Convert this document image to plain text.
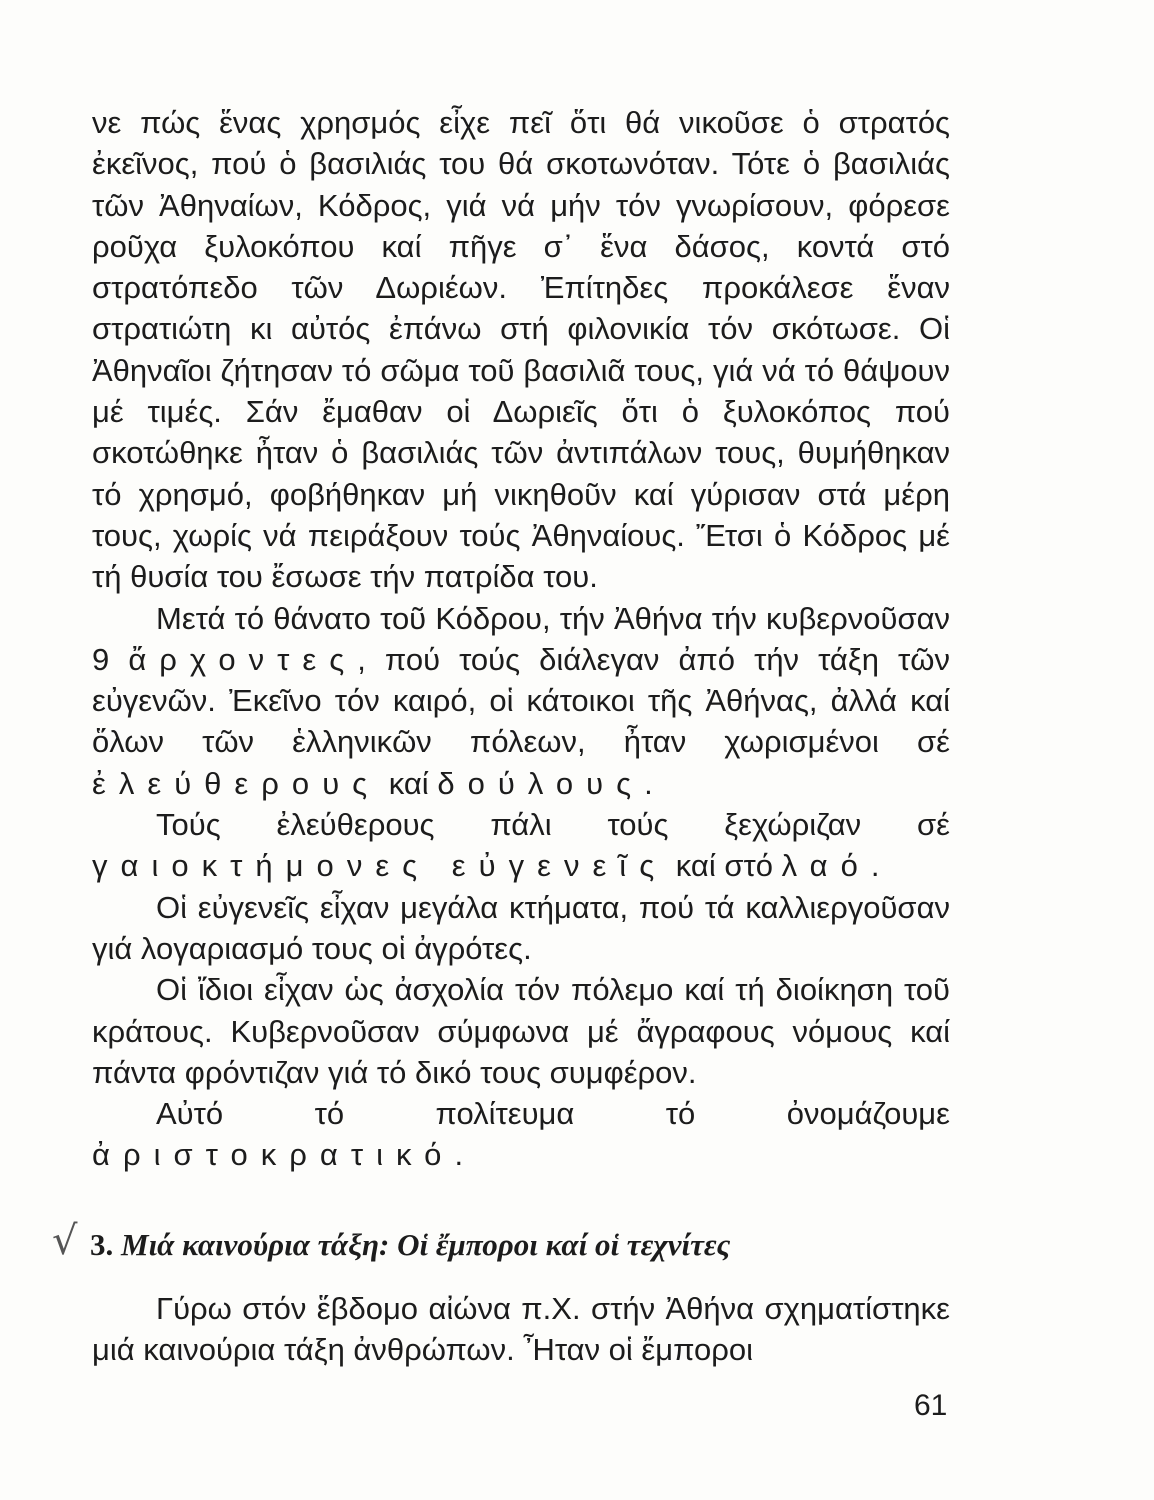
νε πώς ἕνας χρησμός εἶχε πεῖ ὅτι θά νικοῦσε ὁ στρατός ἐκεῖνος, πού ὁ βασιλιάς του θά σκοτωνόταν. Τότε ὁ βασιλιάς τῶν Ἀθηναίων, Κόδρος, γιά νά μήν τόν γνωρίσουν, φόρεσε ροῦχα ξυλοκόπου καί πῆγε σ᾽ ἕνα δάσος, κοντά στό στρατόπεδο τῶν Δωριέων. Ἐπίτηδες προκάλεσε ἕναν στρατιώτη κι αὐτός ἐπάνω στή φιλονικία τόν σκότωσε. Οἱ Ἀθηναῖοι ζήτησαν τό σῶμα τοῦ βασιλιᾶ τους, γιά νά τό θάψουν μέ τιμές. Σάν ἔμαθαν οἱ Δωριεῖς ὅτι ὁ ξυλοκόπος πού σκοτώθηκε ἦταν ὁ βασιλιάς τῶν ἀντιπάλων τους, θυμήθηκαν τό χρησμό, φοβήθηκαν μή νικηθοῦν καί γύρισαν στά μέρη τους, χωρίς νά πειράξουν τούς Ἀθηναίους. Ἔτσι ὁ Κόδρος μέ τή θυσία του ἔσωσε τήν πατρίδα του.

Μετά τό θάνατο τοῦ Κόδρου, τήν Ἀθήνα τήν κυβερνοῦσαν 9 ἄρχοντες, πού τούς διάλεγαν ἀπό τήν τάξη τῶν εὐγενῶν. Ἐκεῖνο τόν καιρό, οἱ κάτοικοι τῆς Ἀθήνας, ἀλλά καί ὅλων τῶν ἑλληνικῶν πόλεων, ἦταν χωρισμένοι σέ ἐλεύθερους καί δούλους.

Τούς ἐλεύθερους πάλι τούς ξεχώριζαν σέ γαιοκτήμονες εὐγενεῖς καί στό λαό.

Οἱ εὐγενεῖς εἶχαν μεγάλα κτήματα, πού τά καλλιεργοῦσαν γιά λογαριασμό τους οἱ ἀγρότες.

Οἱ ἴδιοι εἶχαν ὡς ἀσχολία τόν πόλεμο καί τή διοίκηση τοῦ κράτους. Κυβερνοῦσαν σύμφωνα μέ ἄγραφους νόμους καί πάντα φρόντιζαν γιά τό δικό τους συμφέρον.

Αὐτό τό πολίτευμα τό ὀνομάζουμε ἀριστοκρατικό.

√ 3. Μιά καινούρια τάξη: Οἱ ἔμποροι καί οἱ τεχνίτες

Γύρω στόν ἕβδομο αἰώνα π.Χ. στήν Ἀθήνα σχηματίστηκε μιά καινούρια τάξη ἀνθρώπων. Ἦταν οἱ ἔμποροι

61
